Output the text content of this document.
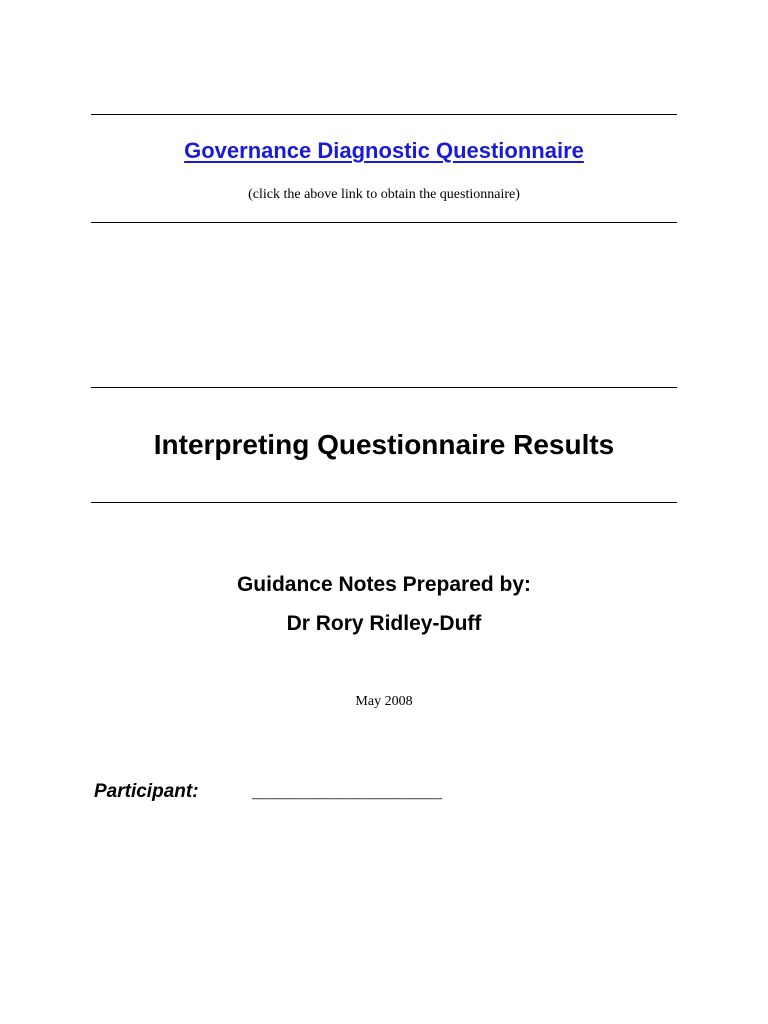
Governance Diagnostic Questionnaire
(click the above link to obtain the questionnaire)
Interpreting Questionnaire Results
Guidance Notes Prepared by:
Dr Rory Ridley-Duff
May 2008
Participant:	__________________
